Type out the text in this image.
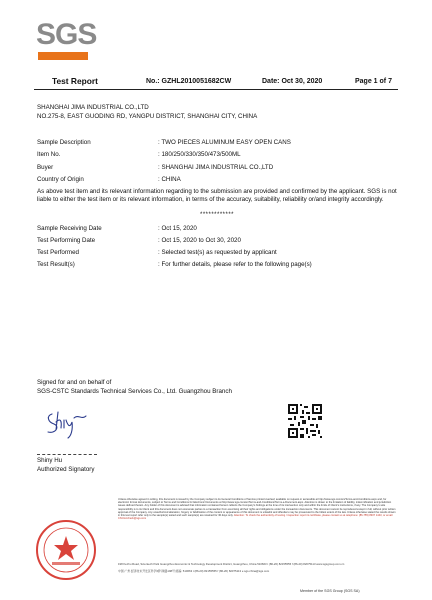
SGS
Test Report	No.: GZHL2010051682CW	Date: Oct 30, 2020	Page 1 of 7
SHANGHAI JIMA INDUSTRIAL CO.,LTD
NO.275-8, EAST GUODING RD, YANGPU DISTRICT, SHANGHAI CITY, CHINA
Sample Description	: TWO PIECES ALUMINUM EASY OPEN CANS
Item No.	: 180/250/330/350/473/500ML
Buyer	: SHANGHAI JIMA INDUSTRIAL CO.,LTD
Country of Origin	: CHINA
As above test item and its relevant information regarding to the submission are provided and confirmed by the applicant. SGS is not liable to either the test item or its relevant information, in terms of the accuracy, suitability, reliability or/and integrity accordingly.
************
Sample Receiving Date	: Oct 15, 2020
Test Performing Date	: Oct 15, 2020 to Oct 30, 2020
Test Performed	: Selected test(s) as requested by applicant
Test Result(s)	: For further details, please refer to the following page(s)
Signed for and on behalf of
SGS-CSTC Standards Technical Services Co., Ltd. Guangzhou Branch
Shiny Hu
Authorized Signatory
Unless otherwise agreed in writing, this document is issued by the Company subject to its General Conditions of Service printed overleaf, available on request or accessible at http://www.sgs.com/en/Terms-and-Conditions.aspx and, for electronic format documents, subject to Terms and Conditions for Electronic Documents at http://www.sgs.com/en/Terms-and-Conditions/Terms-e-Document.aspx. Attention is drawn to the limitation of liability, indemnification and jurisdiction issues defined therein. Any holder of this document is advised that information contained hereon reflects the Company's findings at the time of its intervention only and within the limits of Client's instructions, if any. The Company's sole responsibility is to its Client and this document does not exonerate parties to a transaction from exercising all their rights and obligations under the transaction documents. This document cannot be reproduced except in full, without prior written approval of the Company. Any unauthorized alteration, forgery or falsification of the content or appearance of this document is unlawful and offenders may be prosecuted to the fullest extent of the law. Unless otherwise stated the results shown in this test report refer only to the sample(s) tested and such sample(s) are retained for 30 days only. Attention: To check the authenticity of testing / inspection report & certificate, please contact us at telephone: (86-755) 8307 1443, or email: CN.Doccheck@sgs.com
198 Kezhu Road, Scientech Park Guangzhou Economic & Technology Development District, Guangzhou, China 510663 t (86-20) 82155555 f (86-20) 82075113 www.sgsgroup.com.cn
中国·广州·经济技术开发区科学城科珠路198号 邮编: 510663 t (86-20) 82155555 f (86-20) 82075113 e sgs.china@sgs.com
Member of the SGS Group (SGS SA)
